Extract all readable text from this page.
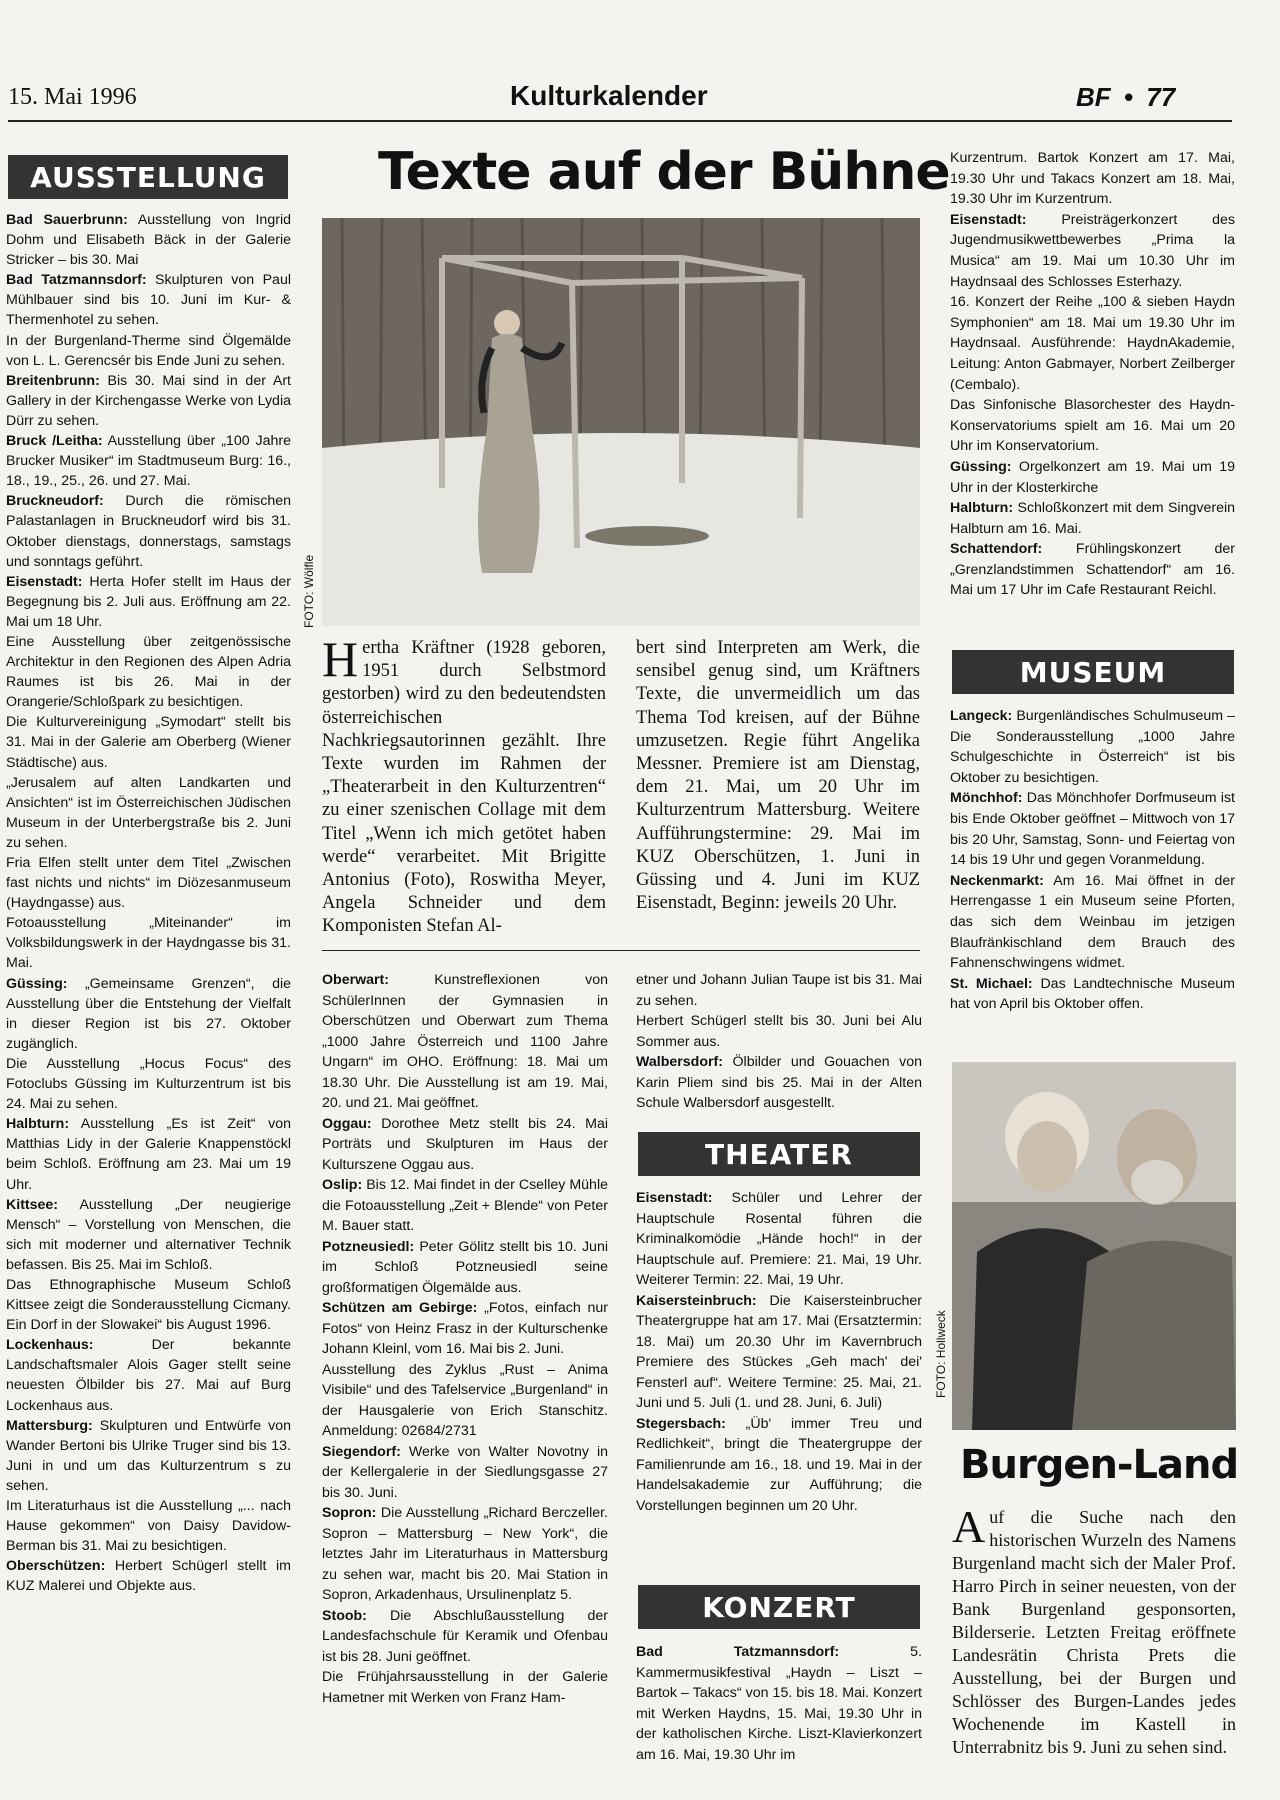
15. Mai 1996	Kulturkalender	BF • 77
AUSSTELLUNG

Bad Sauerbrunn: Ausstellung von Ingrid Dohm und Elisabeth Bäck in der Galerie Stricker – bis 30. Mai

Bad Tatzmannsdorf: Skulpturen von Paul Mühlbauer sind bis 10. Juni im Kur- & Thermenhotel zu sehen.

In der Burgenland-Therme sind Ölgemälde von L. L. Gerencsér bis Ende Juni zu sehen.

Breitenbrunn: Bis 30. Mai sind in der Art Gallery in der Kirchengasse Werke von Lydia Dürr zu sehen.

Bruck /Leitha: Ausstellung über „100 Jahre Brucker Musiker“ im Stadtmuseum Burg: 16., 18., 19., 25., 26. und 27. Mai.

Bruckneudorf: Durch die römischen Palastanlagen in Bruckneudorf wird bis 31. Oktober dienstags, donnerstags, samstags und sonntags geführt.

Eisenstadt: Herta Hofer stellt im Haus der Begegnung bis 2. Juli aus. Eröffnung am 22. Mai um 18 Uhr.

Eine Ausstellung über zeitgenössische Architektur in den Regionen des Alpen Adria Raumes ist bis 26. Mai in der Orangerie/Schloßpark zu besichtigen.

Die Kulturvereinigung „Symodart“ stellt bis 31. Mai in der Galerie am Oberberg (Wiener Städtische) aus.

„Jerusalem auf alten Landkarten und Ansichten“ ist im Österreichischen Jüdischen Museum in der Unterbergstraße bis 2. Juni zu sehen.

Fria Elfen stellt unter dem Titel „Zwischen fast nichts und nichts“ im Diözesanmuseum (Haydngasse) aus.

Fotoausstellung „Miteinander“ im Volksbildungswerk in der Haydngasse bis 31. Mai.

Güssing: „Gemeinsame Grenzen“, die Ausstellung über die Entstehung der Vielfalt in dieser Region ist bis 27. Oktober zugänglich.

Die Ausstellung „Hocus Focus“ des Fotoclubs Güssing im Kulturzentrum ist bis 24. Mai zu sehen.

Halbturn: Ausstellung „Es ist Zeit“ von Matthias Lidy in der Galerie Knappenstöckl beim Schloß. Eröffnung am 23. Mai um 19 Uhr.

Kittsee: Ausstellung „Der neugierige Mensch“ – Vorstellung von Menschen, die sich mit moderner und alternativer Technik befassen. Bis 25. Mai im Schloß.

Das Ethnographische Museum Schloß Kittsee zeigt die Sonderausstellung Cicmany. Ein Dorf in der Slowakei“ bis August 1996.

Lockenhaus: Der bekannte Landschaftsmaler Alois Gager stellt seine neuesten Ölbilder bis 27. Mai auf Burg Lockenhaus aus.

Mattersburg: Skulpturen und Entwürfe von Wander Bertoni bis Ulrike Truger sind bis 13. Juni in und um das Kulturzentrum s zu sehen.

Im Literaturhaus ist die Ausstellung „... nach Hause gekommen“ von Daisy Davidow-Berman bis 31. Mai zu besichtigen.

Oberschützen: Herbert Schügerl stellt im KUZ Malerei und Objekte aus.

Texte auf der Bühne
FOTO: Wölfle
Hertha Kräftner (1928 geboren, 1951 durch Selbstmord gestorben) wird zu den bedeutendsten österreichischen Nachkriegsautorinnen gezählt. Ihre Texte wurden im Rahmen der „Theaterarbeit in den Kulturzentren“ zu einer szenischen Collage mit dem Titel „Wenn ich mich getötet haben werde“ verarbeitet. Mit Brigitte Antonius (Foto), Roswitha Meyer, Angela Schneider und dem Komponisten Stefan Al-
bert sind Interpreten am Werk, die sensibel genug sind, um Kräftners Texte, die unvermeidlich um das Thema Tod kreisen, auf der Bühne umzusetzen. Regie führt Angelika Messner. Premiere ist am Dienstag, dem 21. Mai, um 20 Uhr im Kulturzentrum Mattersburg. Weitere Aufführungstermine: 29. Mai im KUZ Oberschützen, 1. Juni in Güssing und 4. Juni im KUZ Eisenstadt, Beginn: jeweils 20 Uhr.

Oberwart: Kunstreflexionen von SchülerInnen der Gymnasien in Oberschützen und Oberwart zum Thema „1000 Jahre Österreich und 1100 Jahre Ungarn“ im OHO. Eröffnung: 18. Mai um 18.30 Uhr. Die Ausstellung ist am 19. Mai, 20. und 21. Mai geöffnet.

Oggau: Dorothee Metz stellt bis 24. Mai Porträts und Skulpturen im Haus der Kulturszene Oggau aus.

Oslip: Bis 12. Mai findet in der Cselley Mühle die Fotoausstellung „Zeit + Blende“ von Peter M. Bauer statt.

Potzneusiedl: Peter Gölitz stellt bis 10. Juni im Schloß Potzneusiedl seine großformatigen Ölgemälde aus.

Schützen am Gebirge: „Fotos, einfach nur Fotos“ von Heinz Frasz in der Kulturschenke Johann Kleinl, vom 16. Mai bis 2. Juni.

Ausstellung des Zyklus „Rust – Anima Visibile“ und des Tafelservice „Burgenland“ in der Hausgalerie von Erich Stanschitz. Anmeldung: 02684/2731

Siegendorf: Werke von Walter Novotny in der Kellergalerie in der Siedlungsgasse 27 bis 30. Juni.

Sopron: Die Ausstellung „Richard Berczeller. Sopron – Mattersburg – New York“, die letztes Jahr im Literaturhaus in Mattersburg zu sehen war, macht bis 20. Mai Station in Sopron, Arkadenhaus, Ursulinenplatz 5.

Stoob: Die Abschlußausstellung der Landesfachschule für Keramik und Ofenbau ist bis 28. Juni geöffnet.

Die Frühjahrsausstellung in der Galerie Hametner mit Werken von Franz Ham-

etner und Johann Julian Taupe ist bis 31. Mai zu sehen.

Herbert Schügerl stellt bis 30. Juni bei Alu Sommer aus.

Walbersdorf: Ölbilder und Gouachen von Karin Pliem sind bis 25. Mai in der Alten Schule Walbersdorf ausgestellt.

THEATER

Eisenstadt: Schüler und Lehrer der Hauptschule Rosental führen die Kriminalkomödie „Hände hoch!“ in der Hauptschule auf. Premiere: 21. Mai, 19 Uhr. Weiterer Termin: 22. Mai, 19 Uhr.

Kaisersteinbruch: Die Kaisersteinbrucher Theatergruppe hat am 17. Mai (Ersatztermin: 18. Mai) um 20.30 Uhr im Kavernbruch Premiere des Stückes „Geh mach' dei' Fensterl auf“. Weitere Termine: 25. Mai, 21. Juni und 5. Juli (1. und 28. Juni, 6. Juli)

Stegersbach: „Üb' immer Treu und Redlichkeit“, bringt die Theatergruppe der Familienrunde am 16., 18. und 19. Mai in der Handelsakademie zur Aufführung; die Vorstellungen beginnen um 20 Uhr.

KONZERT

Bad Tatzmannsdorf: 5. Kammermusikfestival „Haydn – Liszt – Bartok – Takacs“ von 15. bis 18. Mai. Konzert mit Werken Haydns, 15. Mai, 19.30 Uhr in der katholischen Kirche. Liszt-Klavierkonzert am 16. Mai, 19.30 Uhr im

Kurzentrum. Bartok Konzert am 17. Mai, 19.30 Uhr und Takacs Konzert am 18. Mai, 19.30 Uhr im Kurzentrum.

Eisenstadt: Preisträgerkonzert des Jugendmusikwettbewerbes „Prima la Musica“ am 19. Mai um 10.30 Uhr im Haydnsaal des Schlosses Esterhazy.

16. Konzert der Reihe „100 & sieben Haydn Symphonien“ am 18. Mai um 19.30 Uhr im Haydnsaal. Ausführende: HaydnAkademie, Leitung: Anton Gabmayer, Norbert Zeilberger (Cembalo).

Das Sinfonische Blasorchester des Haydn-Konservatoriums spielt am 16. Mai um 20 Uhr im Konservatorium.

Güssing: Orgelkonzert am 19. Mai um 19 Uhr in der Klosterkirche

Halbturn: Schloßkonzert mit dem Singverein Halbturn am 16. Mai.

Schattendorf: Frühlingskonzert der „Grenzlandstimmen Schattendorf“ am 16. Mai um 17 Uhr im Cafe Restaurant Reichl.

MUSEUM

Langeck: Burgenländisches Schulmuseum – Die Sonderausstellung „1000 Jahre Schulgeschichte in Österreich“ ist bis Oktober zu besichtigen.

Mönchhof: Das Mönchhofer Dorfmuseum ist bis Ende Oktober geöffnet – Mittwoch von 17 bis 20 Uhr, Samstag, Sonn- und Feiertag von 14 bis 19 Uhr und gegen Voranmeldung.

Neckenmarkt: Am 16. Mai öffnet in der Herrengasse 1 ein Museum seine Pforten, das sich dem Weinbau im jetzigen Blaufränkischland dem Brauch des Fahnenschwingens widmet.

St. Michael: Das Landtechnische Museum hat von April bis Oktober offen.

FOTO: Hollweck
Burgen-Land
Auf die Suche nach den historischen Wurzeln des Namens Burgenland macht sich der Maler Prof. Harro Pirch in seiner neuesten, von der Bank Burgenland gesponsorten, Bilderserie. Letzten Freitag eröffnete Landesrätin Christa Prets die Ausstellung, bei der Burgen und Schlösser des Burgen-Landes jedes Wochenende im Kastell in Unterrabnitz bis 9. Juni zu sehen sind.
